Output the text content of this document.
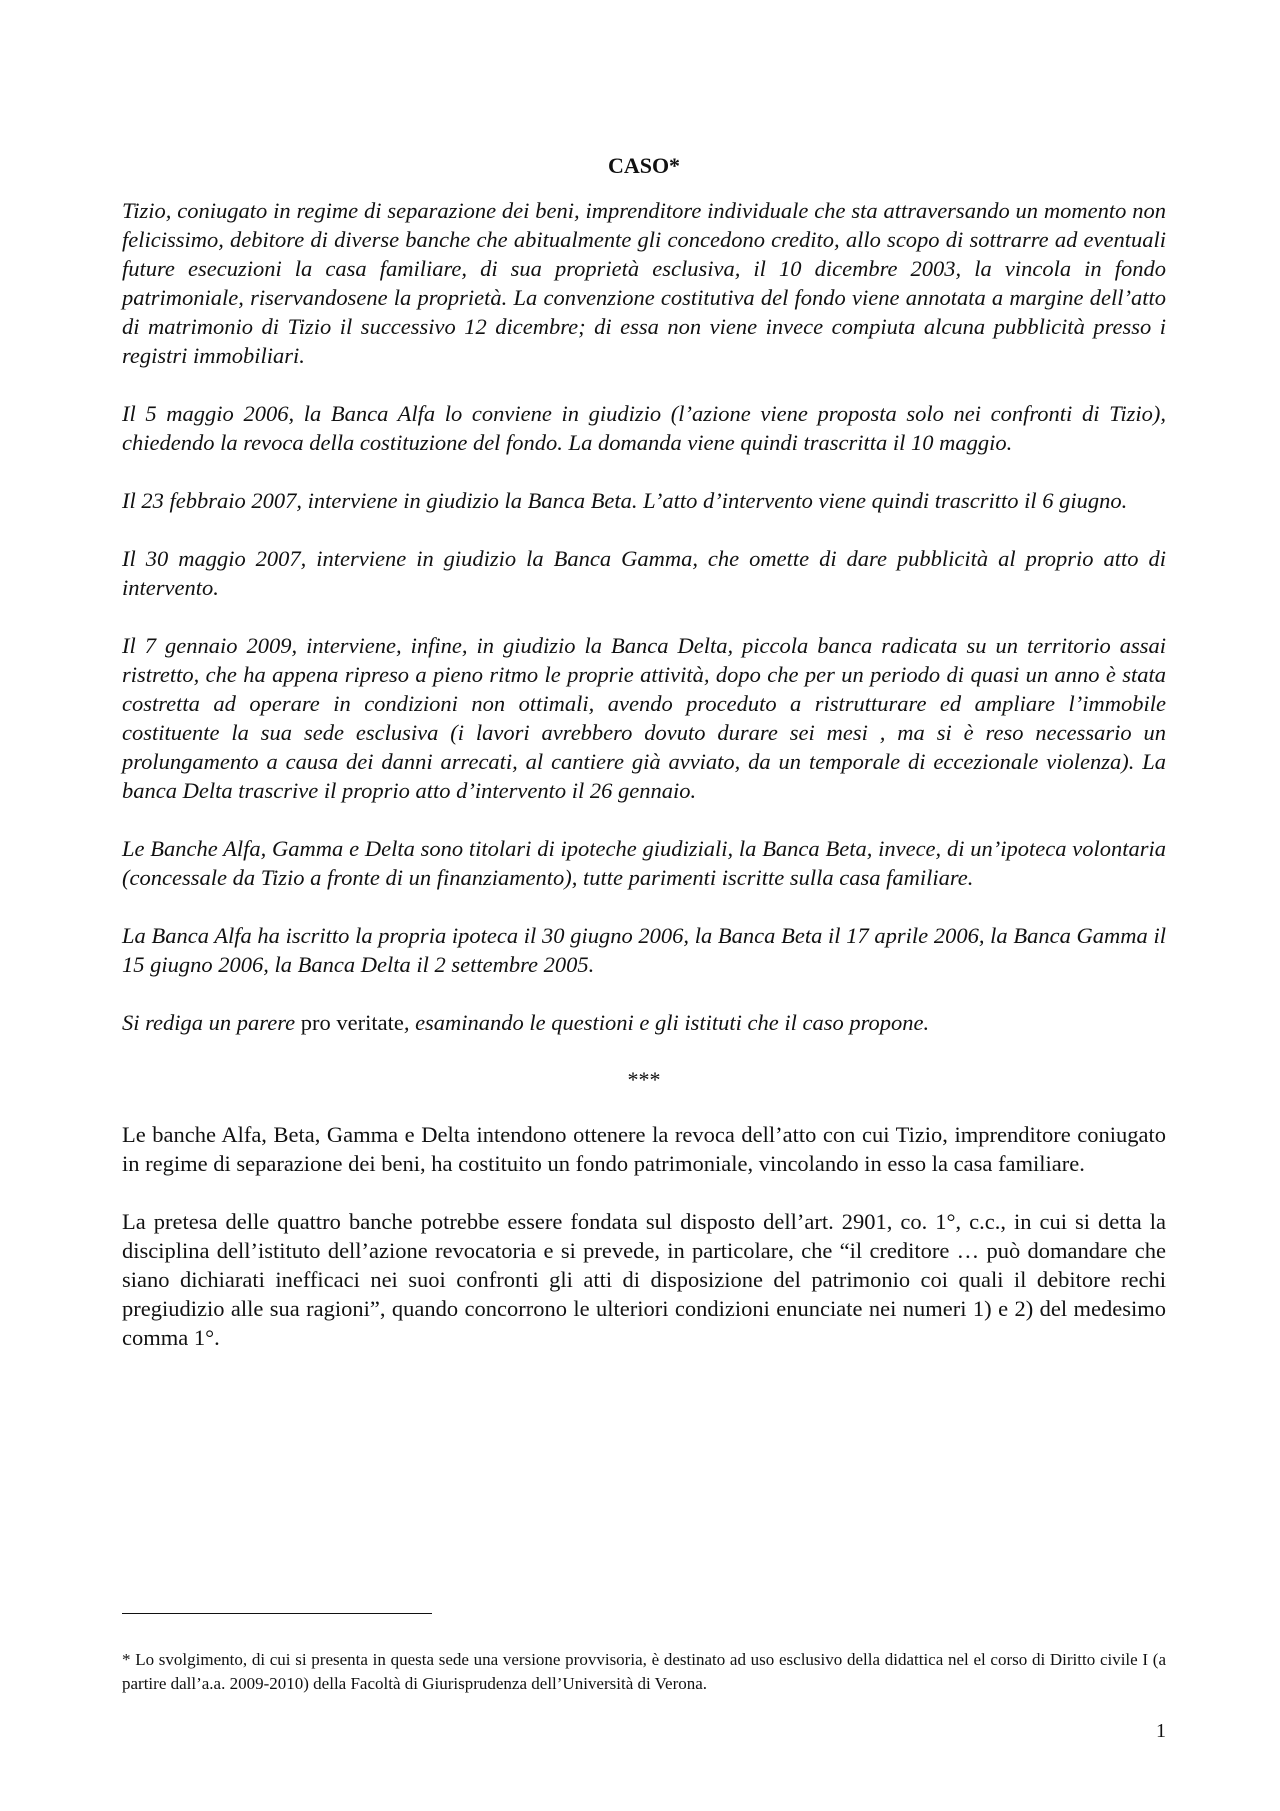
CASO*

Tizio, coniugato in regime di separazione dei beni, imprenditore individuale che sta attraversando un momento non felicissimo, debitore di diverse banche che abitualmente gli concedono credito, allo scopo di sottrarre ad eventuali future esecuzioni la casa familiare, di sua proprietà esclusiva, il 10 dicembre 2003, la vincola in fondo patrimoniale, riservandosene la proprietà. La convenzione costitutiva del fondo viene annotata a margine dell’atto di matrimonio di Tizio il successivo 12 dicembre; di essa non viene invece compiuta alcuna pubblicità presso i registri immobiliari.

Il 5 maggio 2006, la Banca Alfa lo conviene in giudizio (l’azione viene proposta solo nei confronti di Tizio), chiedendo la revoca della costituzione del fondo. La domanda viene quindi trascritta il 10 maggio.

Il 23 febbraio 2007, interviene in giudizio la Banca Beta. L’atto d’intervento viene quindi trascritto il 6 giugno.

Il 30 maggio 2007, interviene in giudizio la Banca Gamma, che omette di dare pubblicità al proprio atto di intervento.

Il 7 gennaio 2009, interviene, infine, in giudizio la Banca Delta, piccola banca radicata su un territorio assai ristretto, che ha appena ripreso a pieno ritmo le proprie attività, dopo che per un periodo di quasi un anno è stata costretta ad operare in condizioni non ottimali, avendo proceduto a ristrutturare ed ampliare l’immobile costituente la sua sede esclusiva (i lavori avrebbero dovuto durare sei mesi , ma si è reso necessario un prolungamento a causa dei danni arrecati, al cantiere già avviato, da un temporale di eccezionale violenza). La banca Delta trascrive il proprio atto d’intervento il 26 gennaio.

Le Banche Alfa, Gamma e Delta sono titolari di ipoteche giudiziali, la Banca Beta, invece, di un’ipoteca volontaria (concessale da Tizio a fronte di un finanziamento), tutte parimenti iscritte sulla casa familiare.

La Banca Alfa ha iscritto la propria ipoteca il 30 giugno 2006, la Banca Beta il 17 aprile 2006, la Banca Gamma il 15 giugno 2006, la Banca Delta il 2 settembre 2005.

Si rediga un parere pro veritate, esaminando le questioni e gli istituti che il caso propone.

***

Le banche Alfa, Beta, Gamma e Delta intendono ottenere la revoca dell’atto con cui Tizio, imprenditore coniugato in regime di separazione dei beni, ha costituito un fondo patrimoniale, vincolando in esso la casa familiare.

La pretesa delle quattro banche potrebbe essere fondata sul disposto dell’art. 2901, co. 1°, c.c., in cui si detta la disciplina dell’istituto dell’azione revocatoria e si prevede, in particolare, che “il creditore … può domandare che siano dichiarati inefficaci nei suoi confronti gli atti di disposizione del patrimonio coi quali il debitore rechi pregiudizio alle sua ragioni”, quando concorrono le ulteriori condizioni enunciate nei numeri 1) e 2) del medesimo comma 1°.

* Lo svolgimento, di cui si presenta in questa sede una versione provvisoria, è destinato ad uso esclusivo della didattica nel el corso di Diritto civile I (a partire dall’a.a. 2009-2010) della Facoltà di Giurisprudenza dell’Università di Verona.

1
